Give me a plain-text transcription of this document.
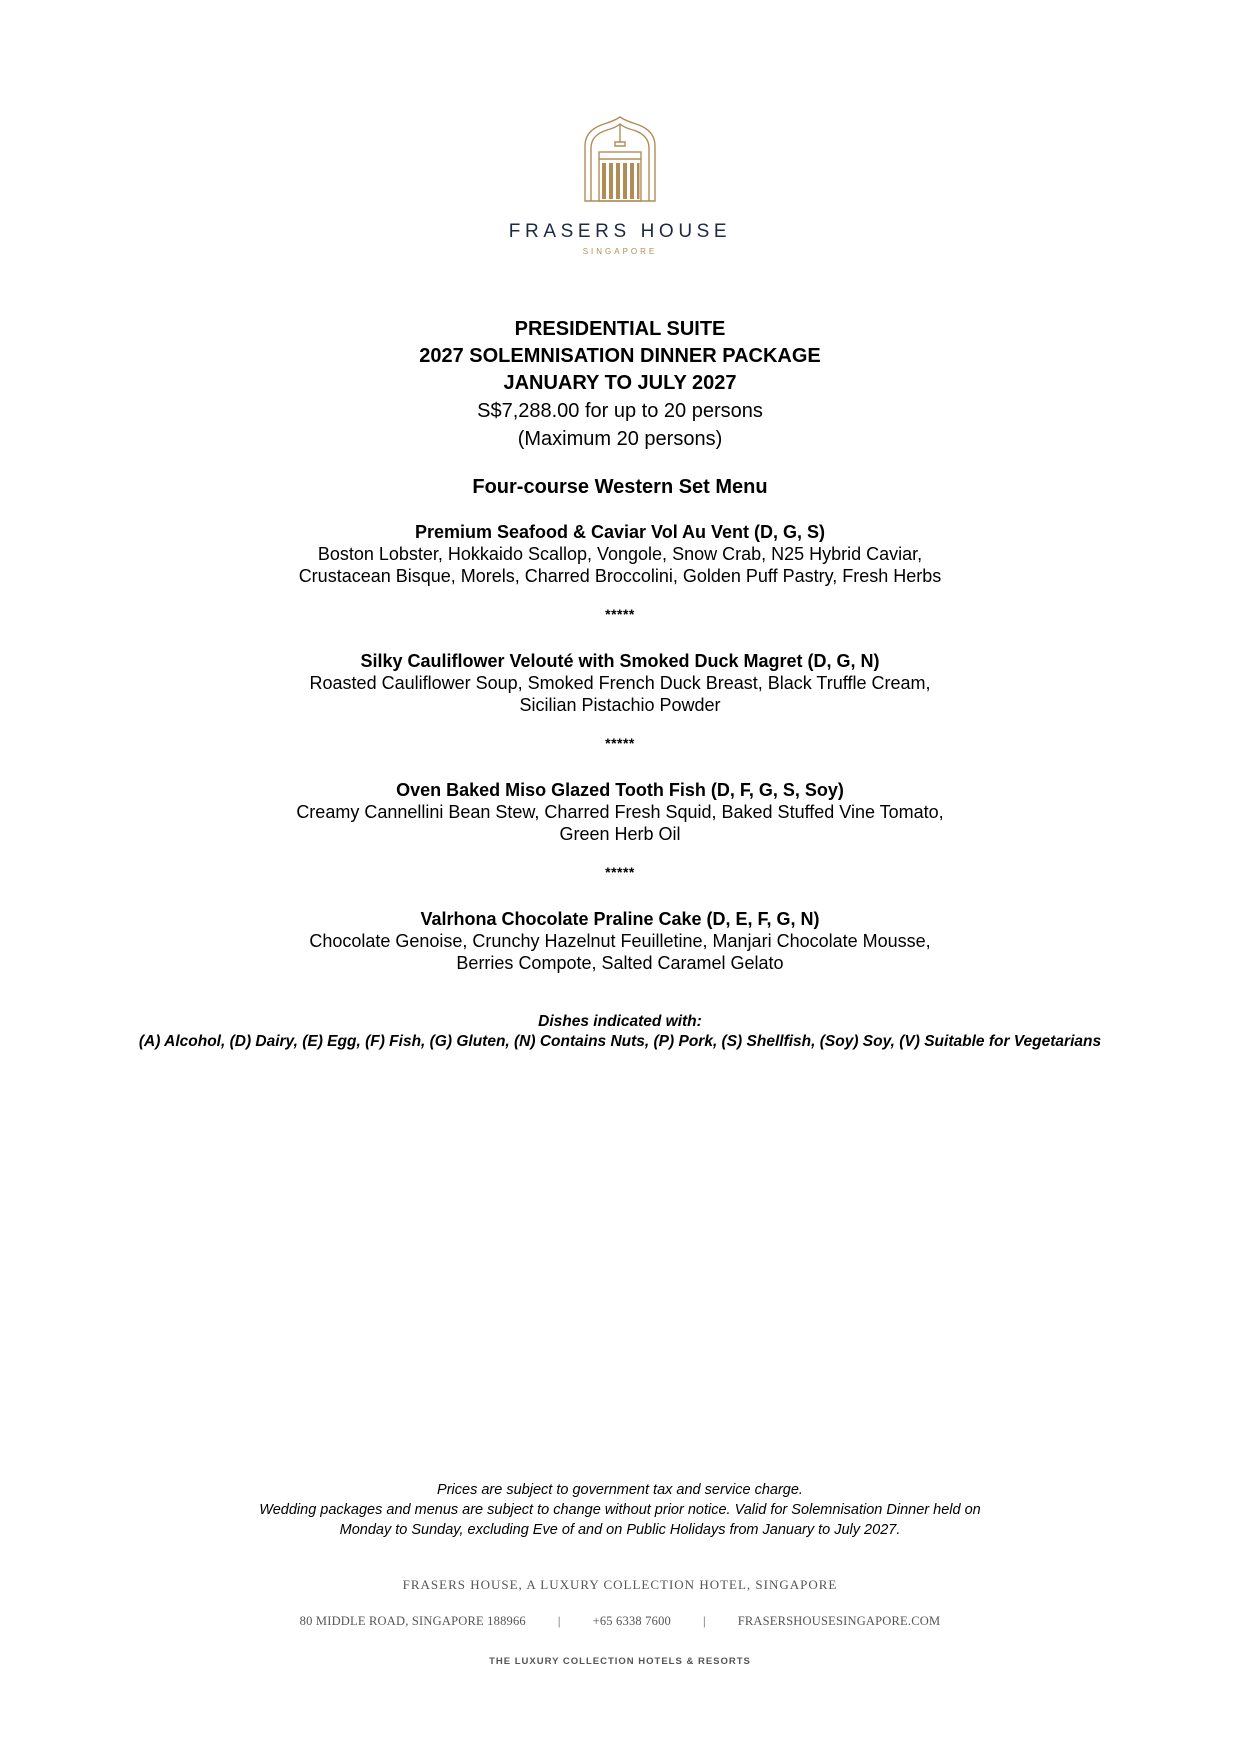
FRASERS HOUSE
SINGAPORE
PRESIDENTIAL SUITE
2027 SOLEMNISATION DINNER PACKAGE
JANUARY TO JULY 2027
S$7,288.00 for up to 20 persons
(Maximum 20 persons)
Four-course Western Set Menu
Premium Seafood & Caviar Vol Au Vent (D, G, S)
Boston Lobster, Hokkaido Scallop, Vongole, Snow Crab, N25 Hybrid Caviar,
Crustacean Bisque, Morels, Charred Broccolini, Golden Puff Pastry, Fresh Herbs
*****
Silky Cauliflower Velouté with Smoked Duck Magret (D, G, N)
Roasted Cauliflower Soup, Smoked French Duck Breast, Black Truffle Cream,
Sicilian Pistachio Powder
*****
Oven Baked Miso Glazed Tooth Fish (D, F, G, S, Soy)
Creamy Cannellini Bean Stew, Charred Fresh Squid, Baked Stuffed Vine Tomato,
Green Herb Oil
*****
Valrhona Chocolate Praline Cake (D, E, F, G, N)
Chocolate Genoise, Crunchy Hazelnut Feuilletine, Manjari Chocolate Mousse,
Berries Compote, Salted Caramel Gelato
Dishes indicated with:
(A) Alcohol, (D) Dairy, (E) Egg, (F) Fish, (G) Gluten, (N) Contains Nuts, (P) Pork, (S) Shellfish, (Soy) Soy, (V) Suitable for Vegetarians
Prices are subject to government tax and service charge.
Wedding packages and menus are subject to change without prior notice. Valid for Solemnisation Dinner held on
Monday to Sunday, excluding Eve of and on Public Holidays from January to July 2027.
FRASERS HOUSE, A LUXURY COLLECTION HOTEL, SINGAPORE
80 MIDDLE ROAD, SINGAPORE 188966	|	+65 6338 7600	|	FRASERSHOUSESINGAPORE.COM
THE LUXURY COLLECTION HOTELS & RESORTS
